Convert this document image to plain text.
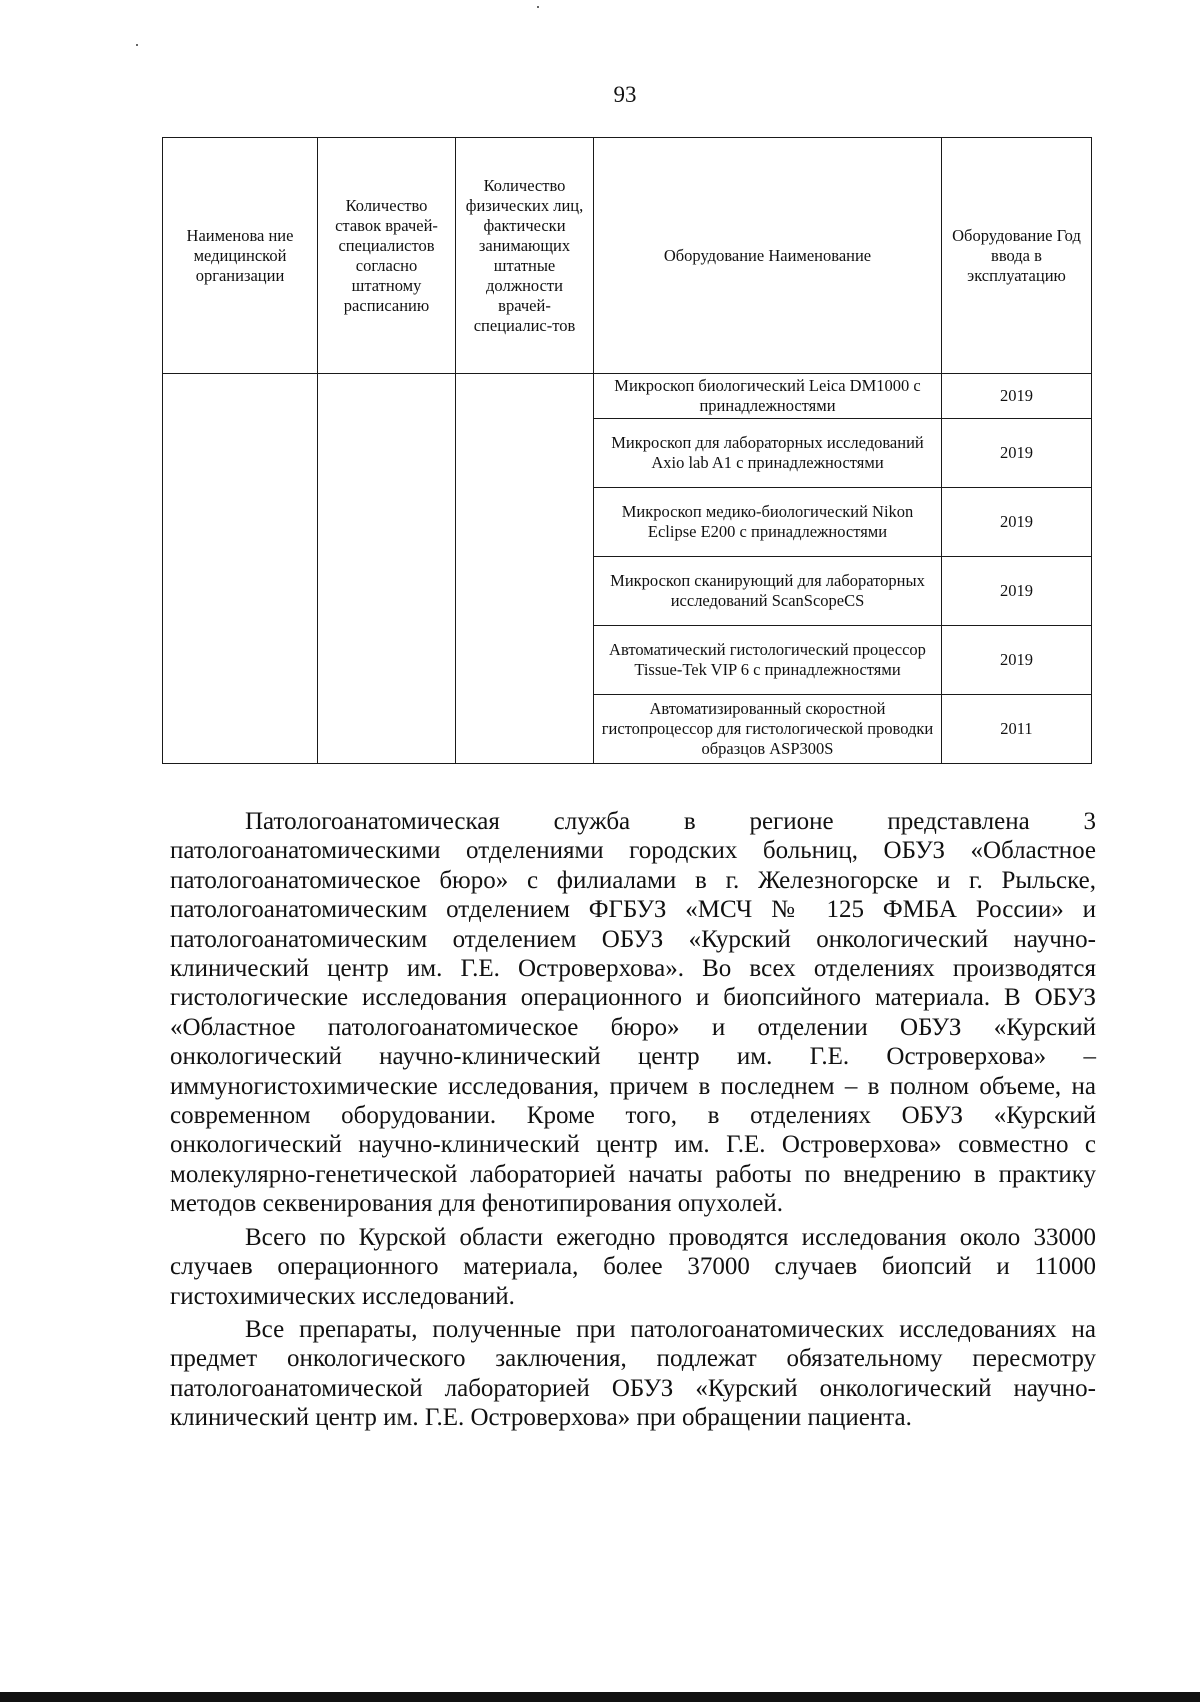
93
Наименова ние медицинской организации	Количество ставок врачей-специалистов согласно штатному расписанию	Количество физических лиц, фактически занимающих штатные должности врачей-специалис-тов	Оборудование Наименование	Оборудование Год ввода в эксплуатацию
			Микроскоп биологический Leica DM1000 с принадлежностями	2019
			Микроскоп для лабораторных исследований Axio lab A1 с принадлежностями	2019
			Микроскоп медико-биологический Nikon Eclipse E200 с принадлежностями	2019
			Микроскоп сканирующий для лабораторных исследований ScanScopeCS	2019
			Автоматический гистологический процессор Tissue-Tek VIP 6 с принадлежностями	2019
			Автоматизированный скоростной гистопроцессор для гистологической проводки образцов ASP300S	2011

Патологоанатомическая служба в регионе представлена 3 патологоанатомическими отделениями городских больниц, ОБУЗ «Областное патологоанатомическое бюро» с филиалами в г. Железногорске и г. Рыльске, патологоанатомическим отделением ФГБУЗ «МСЧ № 125 ФМБА России» и патологоанатомическим отделением ОБУЗ «Курский онкологический научно-клинический центр им. Г.Е. Островерхова». Во всех отделениях производятся гистологические исследования операционного и биопсийного материала. В ОБУЗ «Областное патологоанатомическое бюро» и отделении ОБУЗ «Курский онкологический научно-клинический центр им. Г.Е. Островерхова» – иммуногистохимические исследования, причем в последнем – в полном объеме, на современном оборудовании. Кроме того, в отделениях ОБУЗ «Курский онкологический научно-клинический центр им. Г.Е. Островерхова» совместно с молекулярно-генетической лабораторией начаты работы по внедрению в практику методов секвенирования для фенотипирования опухолей.

Всего по Курской области ежегодно проводятся исследования около 33000 случаев операционного материала, более 37000 случаев биопсий и 11000 гистохимических исследований.

Все препараты, полученные при патологоанатомических исследованиях на предмет онкологического заключения, подлежат обязательному пересмотру патологоанатомической лабораторией ОБУЗ «Курский онкологический научно-клинический центр им. Г.Е. Островерхова» при обращении пациента.
